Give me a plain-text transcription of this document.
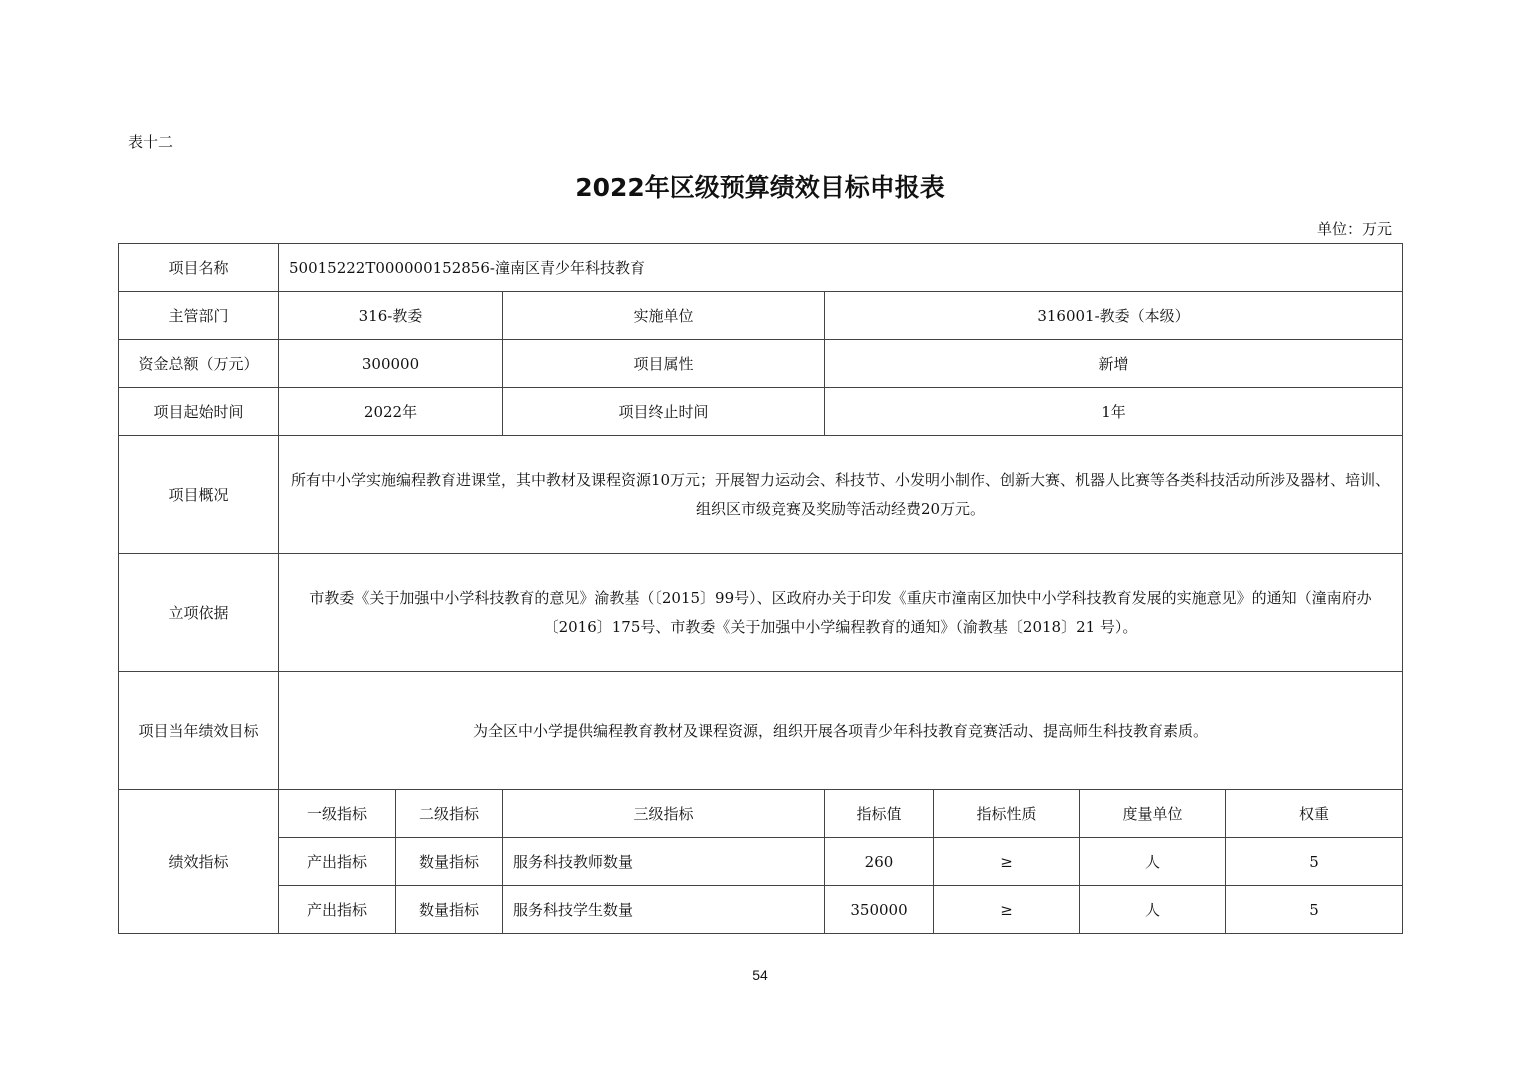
表十二
2022年区级预算绩效目标申报表
单位：万元
项目名称	50015222T000000152856-潼南区青少年科技教育						
主管部门	316-教委		实施单位	316001-教委（本级）			
资金总额（万元）	300000		项目属性	新增			
项目起始时间	2022年		项目终止时间	1年			
项目概况	所有中小学实施编程教育进课堂，其中教材及课程资源10万元；开展智力运动会、科技节、小发明小制作、创新大赛、机器人比赛等各类科技活动所涉及器材、培训、组织区市级竞赛及奖励等活动经费20万元。						
立项依据	市教委《关于加强中小学科技教育的意见》渝教基（〔2015〕99号）、区政府办关于印发《重庆市潼南区加快中小学科技教育发展的实施意见》的通知（潼南府办〔2016〕175号、市教委《关于加强中小学编程教育的通知》（渝教基〔2018〕21 号）。						
项目当年绩效目标	为全区中小学提供编程教育教材及课程资源，组织开展各项青少年科技教育竞赛活动、提高师生科技教育素质。						
绩效指标	一级指标	二级指标	三级指标	指标值	指标性质	度量单位	权重
	产出指标	数量指标	服务科技教师数量	260	≥	人	5
	产出指标	数量指标	服务科技学生数量	350000	≥	人	5
54
